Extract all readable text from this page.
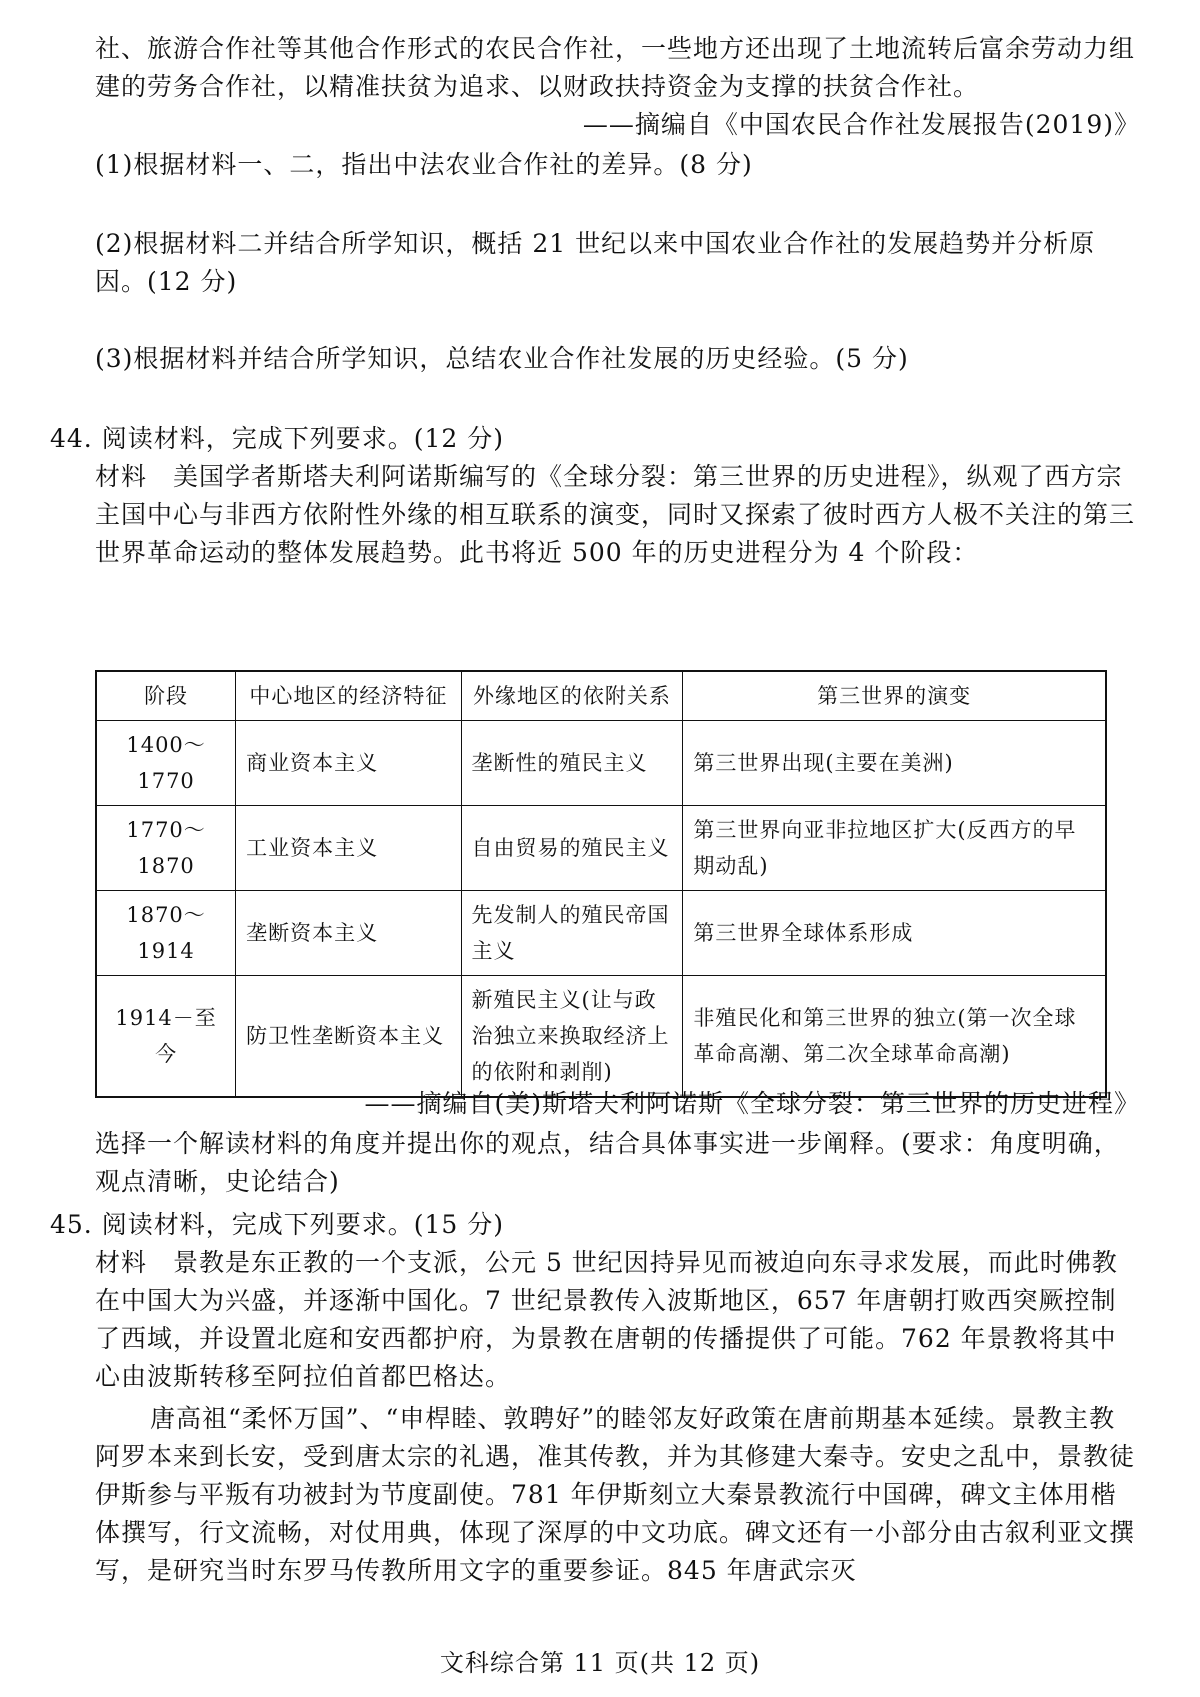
社、旅游合作社等其他合作形式的农民合作社，一些地方还出现了土地流转后富余劳动力组建的劳务合作社，以精准扶贫为追求、以财政扶持资金为支撑的扶贫合作社。

——摘编自《中国农民合作社发展报告(2019)》

(1)根据材料一、二，指出中法农业合作社的差异。(8 分)

(2)根据材料二并结合所学知识，概括 21 世纪以来中国农业合作社的发展趋势并分析原因。(12 分)

(3)根据材料并结合所学知识，总结农业合作社发展的历史经验。(5 分)

44. 阅读材料，完成下列要求。(12 分)

材料　美国学者斯塔夫利阿诺斯编写的《全球分裂：第三世界的历史进程》，纵观了西方宗主国中心与非西方依附性外缘的相互联系的演变，同时又探索了彼时西方人极不关注的第三世界革命运动的整体发展趋势。此书将近 500 年的历史进程分为 4 个阶段：

阶段	中心地区的经济特征	外缘地区的依附关系	第三世界的演变
1400～1770	商业资本主义	垄断性的殖民主义	第三世界出现(主要在美洲)
1770～1870	工业资本主义	自由贸易的殖民主义	第三世界向亚非拉地区扩大(反西方的早期动乱)
1870～1914	垄断资本主义	先发制人的殖民帝国主义	第三世界全球体系形成
1914－至今	防卫性垄断资本主义	新殖民主义(让与政治独立来换取经济上的依附和剥削)	非殖民化和第三世界的独立(第一次全球革命高潮、第二次全球革命高潮)
——摘编自(美)斯塔夫利阿诺斯《全球分裂：第三世界的历史进程》

选择一个解读材料的角度并提出你的观点，结合具体事实进一步阐释。(要求：角度明确，观点清晰，史论结合)

45. 阅读材料，完成下列要求。(15 分)

材料　景教是东正教的一个支派，公元 5 世纪因持异见而被迫向东寻求发展，而此时佛教在中国大为兴盛，并逐渐中国化。7 世纪景教传入波斯地区，657 年唐朝打败西突厥控制了西域，并设置北庭和安西都护府，为景教在唐朝的传播提供了可能。762 年景教将其中心由波斯转移至阿拉伯首都巴格达。

唐高祖“柔怀万国”、“申桿睦、敦聘好”的睦邻友好政策在唐前期基本延续。景教主教阿罗本来到长安，受到唐太宗的礼遇，准其传教，并为其修建大秦寺。安史之乱中，景教徒伊斯参与平叛有功被封为节度副使。781 年伊斯刻立大秦景教流行中国碑，碑文主体用楷体撰写，行文流畅，对仗用典，体现了深厚的中文功底。碑文还有一小部分由古叙利亚文撰写，是研究当时东罗马传教所用文字的重要参证。845 年唐武宗灭

文科综合第 11 页(共 12 页)
